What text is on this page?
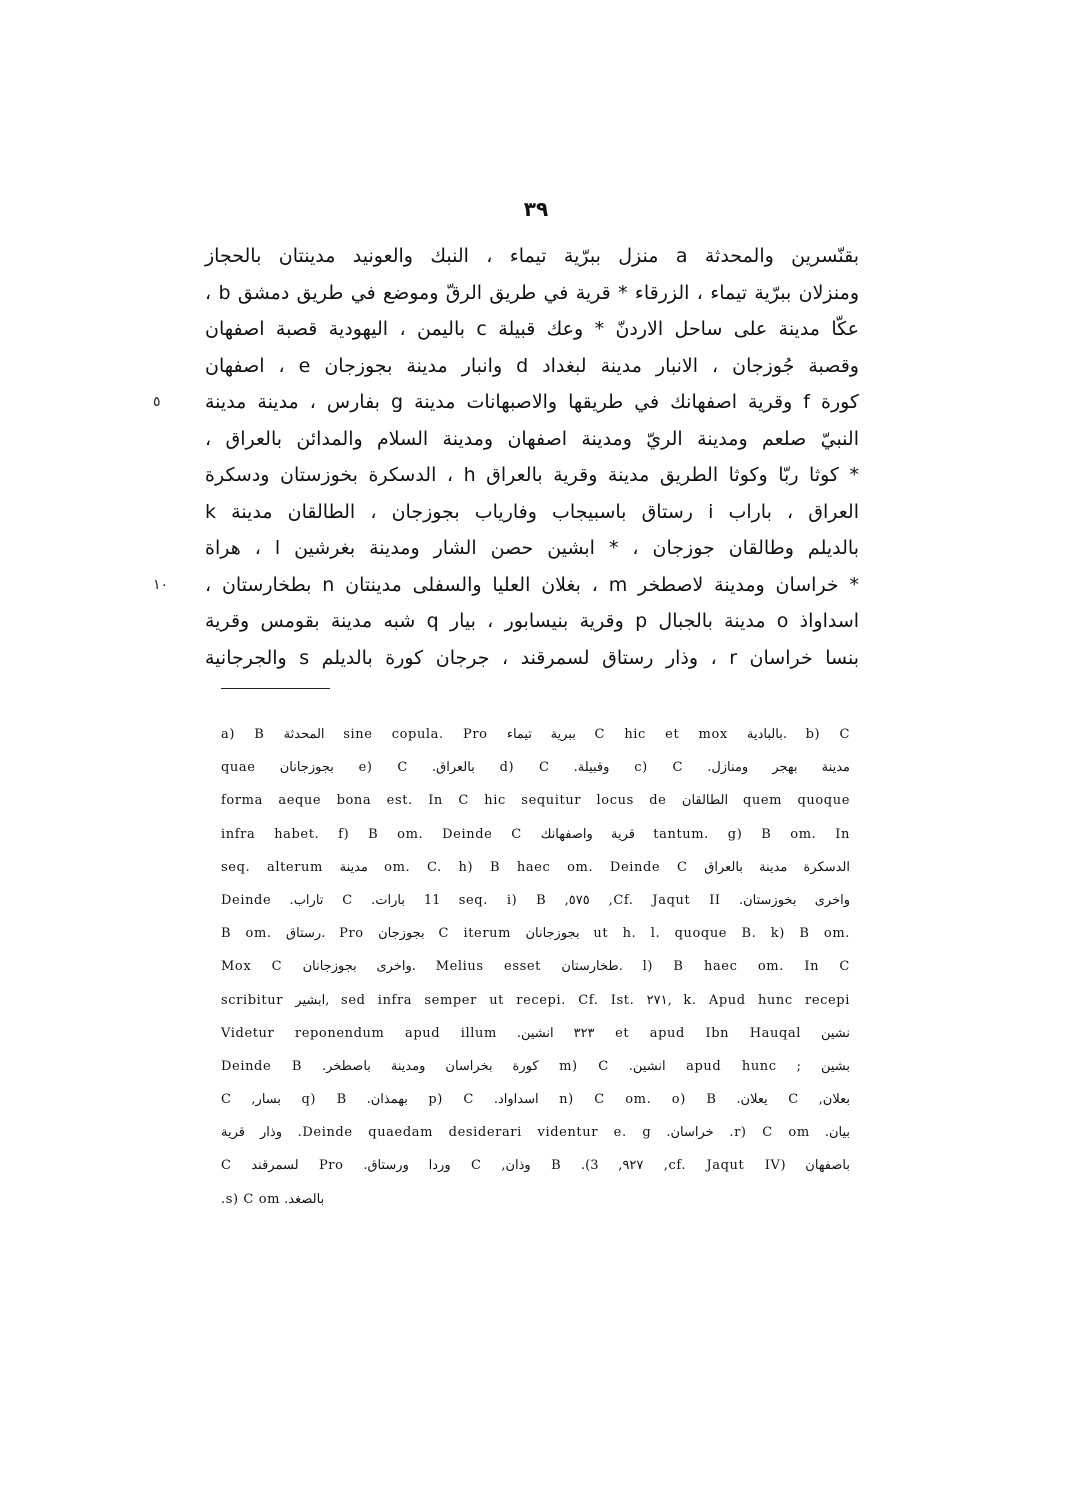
٣٩
بقنّسرين والمحدثة a منزل ببرّية تيماء ، النبك والعونيد مدينتان بالحجاز
ومنزلان ببرّية تيماء ، الزرقاء * قرية في طريق الرقّ وموضع في طريق دمشق b ،
عكّا مدينة على ساحل الاردنّ * وعك قبيلة c باليمن ، اليهودية قصبة اصفهان
وقصبة جُوزجان ، الانبار مدينة لبغداد d وانبار مدينة بجوزجان e ، اصفهان
كورة f وقرية اصفهانك في طريقها والاصبهانات مدينة g بفارس ، مدينة مدينة
٥
النبيّ صلعم ومدينة الريّ ومدينة اصفهان ومدينة السلام والمدائن بالعراق ،
* كوثا ربّا وكوثا الطريق مدينة وقرية بالعراق h ، الدسكرة بخوزستان ودسكرة
العراق ، باراب i رستاق باسبيجاب وفارياب بجوزجان ، الطالقان مدينة k
بالديلم وطالقان جوزجان ، * ابشين حصن الشار ومدينة بغرشين l ، هراة
* خراسان ومدينة لاصطخر m ، بغلان العليا والسفلى مدينتان n بطخارستان ،
١٠
اسداواذ o مدينة بالجبال p وقرية بنيسابور ، بيار q شبه مدينة بقومس وقرية
بنسا خراسان r ، وذار رستاق لسمرقند ، جرجان كورة بالديلم s والجرجانية
a) B المحدثة sine copula. Pro ببرية تيماء C hic et mox بالبادية. b) C
مدينة بهجر ومنازل. c) C وقبيلة. d) C بالعراق. e) C بجوزجانان quae
forma aeque bona est. In C hic sequitur locus de الطالقان quem quoque
infra habet. f) B om. Deinde C قرية واصفهانك tantum. g) B om. In
seq. alterum مدينة om. C. h) B haec om. Deinde C الدسكرة مدينة بالعراق
واخرى بخوزستان. Cf. Jaqut II, ٥٧٥, 11 seq. i) B بارات. C تاراب. Deinde
B om. رستاق. Pro بجوزجان C iterum بجوزجانان ut h. l. quoque B. k) B om.
Mox C واخرى بجوزجانان. Melius esset طخارستان. l) B haec om. In C
scribitur ابشير, sed infra semper ut recepi. Cf. Ist. ٢٧١, k. Apud hunc recepi
نشين et apud Ibn Hauqal ٣٢٣ انشين. Videtur reponendum apud illum
بشين ; apud hunc انشين. m) C كورة بخراسان ومدينة باصطخر. Deinde B
بعلان, C يعلان. n) C om. o) B اسداواد. p) C بهمذان. q) B بسار, C
بيان. r) C om. خراسان. Deinde quaedam desiderari videntur e. g. وذار قرية
باصفهان (cf. Jaqut IV, ٩٢٧, 3). B وذان, C وردا ورستاق. Pro لسمرقند C
بالصغد. s) C om.
